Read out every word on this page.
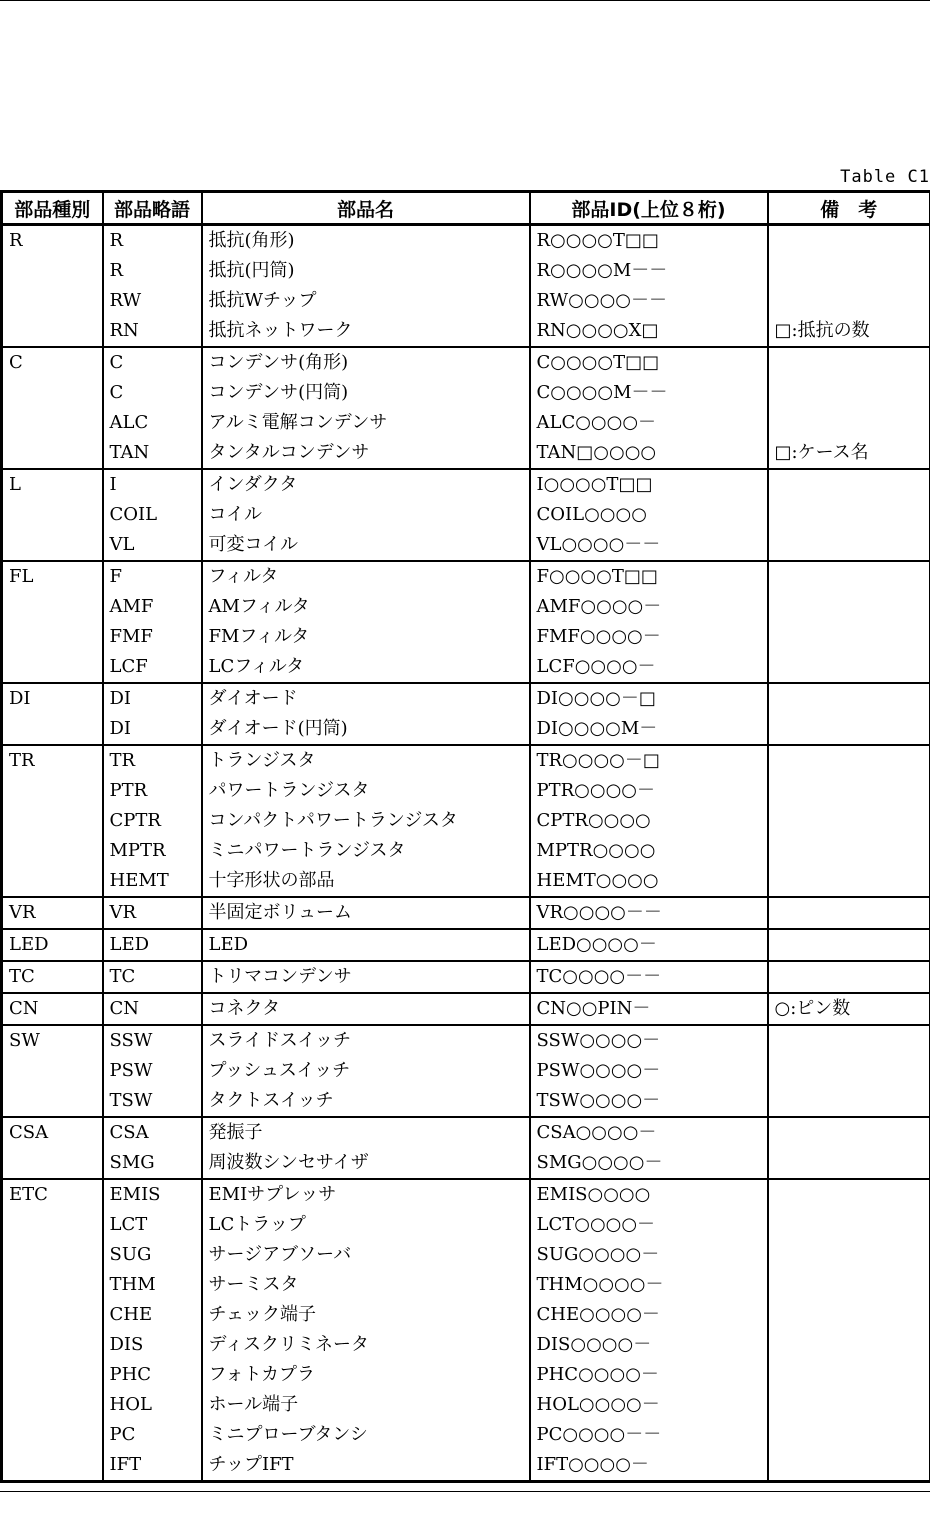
Table C1
部品種別	部品略語	部品名	部品ID(上位８桁)	備　考
R	R	抵抗(角形)	R○○○○T□□	
	R	抵抗(円筒)	R○○○○M－－	
	RW	抵抗Wチップ	RW○○○○－－	
	RN	抵抗ネットワーク	RN○○○○X□	□:抵抗の数
C	C	コンデンサ(角形)	C○○○○T□□	
	C	コンデンサ(円筒)	C○○○○M－－	
	ALC	アルミ電解コンデンサ	ALC○○○○－	
	TAN	タンタルコンデンサ	TAN□○○○○	□:ケース名
L	I	インダクタ	I○○○○T□□	
	COIL	コイル	COIL○○○○	
	VL	可変コイル	VL○○○○－－	
FL	F	フィルタ	F○○○○T□□	
	AMF	AMフィルタ	AMF○○○○－	
	FMF	FMフィルタ	FMF○○○○－	
	LCF	LCフィルタ	LCF○○○○－	
DI	DI	ダイオード	DI○○○○－□	
	DI	ダイオード(円筒)	DI○○○○M－	
TR	TR	トランジスタ	TR○○○○－□	
	PTR	パワートランジスタ	PTR○○○○－	
	CPTR	コンパクトパワートランジスタ	CPTR○○○○	
	MPTR	ミニパワートランジスタ	MPTR○○○○	
	HEMT	十字形状の部品	HEMT○○○○	
VR	VR	半固定ボリューム	VR○○○○－－	
LED	LED	LED	LED○○○○－	
TC	TC	トリマコンデンサ	TC○○○○－－	
CN	CN	コネクタ	CN○○PIN－	○:ピン数
SW	SSW	スライドスイッチ	SSW○○○○－	
	PSW	プッシュスイッチ	PSW○○○○－	
	TSW	タクトスイッチ	TSW○○○○－	
CSA	CSA	発振子	CSA○○○○－	
	SMG	周波数シンセサイザ	SMG○○○○－	
ETC	EMIS	EMIサプレッサ	EMIS○○○○	
	LCT	LCトラップ	LCT○○○○－	
	SUG	サージアブソーバ	SUG○○○○－	
	THM	サーミスタ	THM○○○○－	
	CHE	チェック端子	CHE○○○○－	
	DIS	ディスクリミネータ	DIS○○○○－	
	PHC	フォトカプラ	PHC○○○○－	
	HOL	ホール端子	HOL○○○○－	
	PC	ミニプローブタンシ	PC○○○○－－	
	IFT	チップIFT	IFT○○○○－	
